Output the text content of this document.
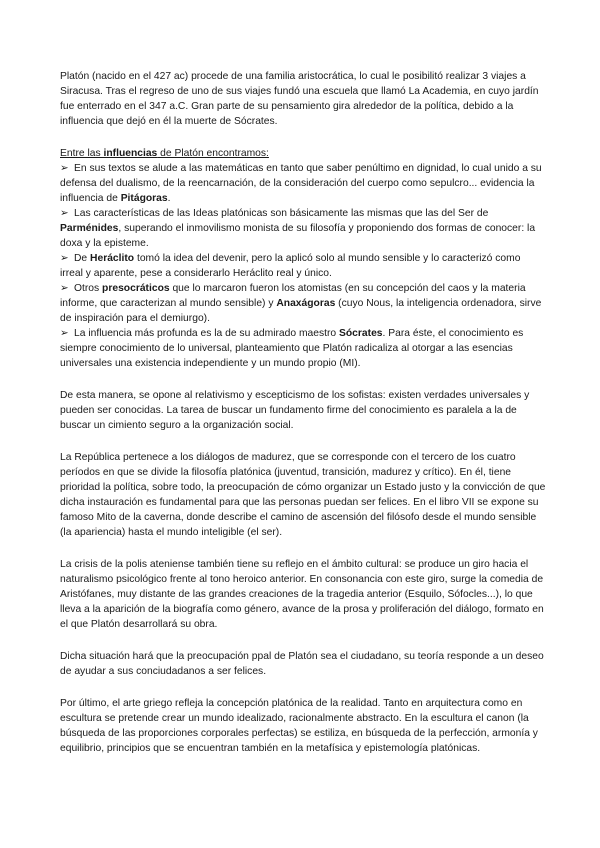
Platón (nacido en el 427 ac) procede de una familia aristocrática, lo cual le posibilitó realizar 3 viajes a Siracusa. Tras el regreso de uno de sus viajes fundó una escuela que llamó La Academia, en cuyo jardín fue enterrado en el 347 a.C. Gran parte de su pensamiento gira alrededor de la política, debido a la influencia que dejó en él la muerte de Sócrates.

Entre las influencias de Platón encontramos:

➢ En sus textos se alude a las matemáticas en tanto que saber penúltimo en dignidad, lo cual unido a su defensa del dualismo, de la reencarnación, de la consideración del cuerpo como sepulcro... evidencia la influencia de Pitágoras.

➢ Las características de las Ideas platónicas son básicamente las mismas que las del Ser de Parménides, superando el inmovilismo monista de su filosofía y proponiendo dos formas de conocer: la doxa y la episteme.

➢ De Heráclito tomó la idea del devenir, pero la aplicó solo al mundo sensible y lo caracterizó como irreal y aparente, pese a considerarlo Heráclito real y único.

➢ Otros presocráticos que lo marcaron fueron los atomistas (en su concepción del caos y la materia informe, que caracterizan al mundo sensible) y Anaxágoras (cuyo Nous, la inteligencia ordenadora, sirve de inspiración para el demiurgo).

➢ La influencia más profunda es la de su admirado maestro Sócrates. Para éste, el conocimiento es siempre conocimiento de lo universal, planteamiento que Platón radicaliza al otorgar a las esencias universales una existencia independiente y un mundo propio (MI).

De esta manera, se opone al relativismo y escepticismo de los sofistas: existen verdades universales y pueden ser conocidas. La tarea de buscar un fundamento firme del conocimiento es paralela a la de buscar un cimiento seguro a la organización social.

La República pertenece a los diálogos de madurez, que se corresponde con el tercero de los cuatro períodos en que se divide la filosofía platónica (juventud, transición, madurez y crítico). En él, tiene prioridad la política, sobre todo, la preocupación de cómo organizar un Estado justo y la convicción de que dicha instauración es fundamental para que las personas puedan ser felices. En el libro VII se expone su famoso Mito de la caverna, donde describe el camino de ascensión del filósofo desde el mundo sensible (la apariencia) hasta el mundo inteligible (el ser).

La crisis de la polis ateniense también tiene su reflejo en el ámbito cultural: se produce un giro hacia el naturalismo psicológico frente al tono heroico anterior. En consonancia con este giro, surge la comedia de Aristófanes, muy distante de las grandes creaciones de la tragedia anterior (Esquilo, Sófocles...), lo que lleva a la aparición de la biografía como género, avance de la prosa y proliferación del diálogo, formato en el que Platón desarrollará su obra.

Dicha situación hará que la preocupación ppal de Platón sea el ciudadano, su teoría responde a un deseo de ayudar a sus conciudadanos a ser felices.

Por último, el arte griego refleja la concepción platónica de la realidad. Tanto en arquitectura como en escultura se pretende crear un mundo idealizado, racionalmente abstracto. En la escultura el canon (la búsqueda de las proporciones corporales perfectas) se estiliza, en búsqueda de la perfección, armonía y equilibrio, principios que se encuentran también en la metafísica y epistemología platónicas.
